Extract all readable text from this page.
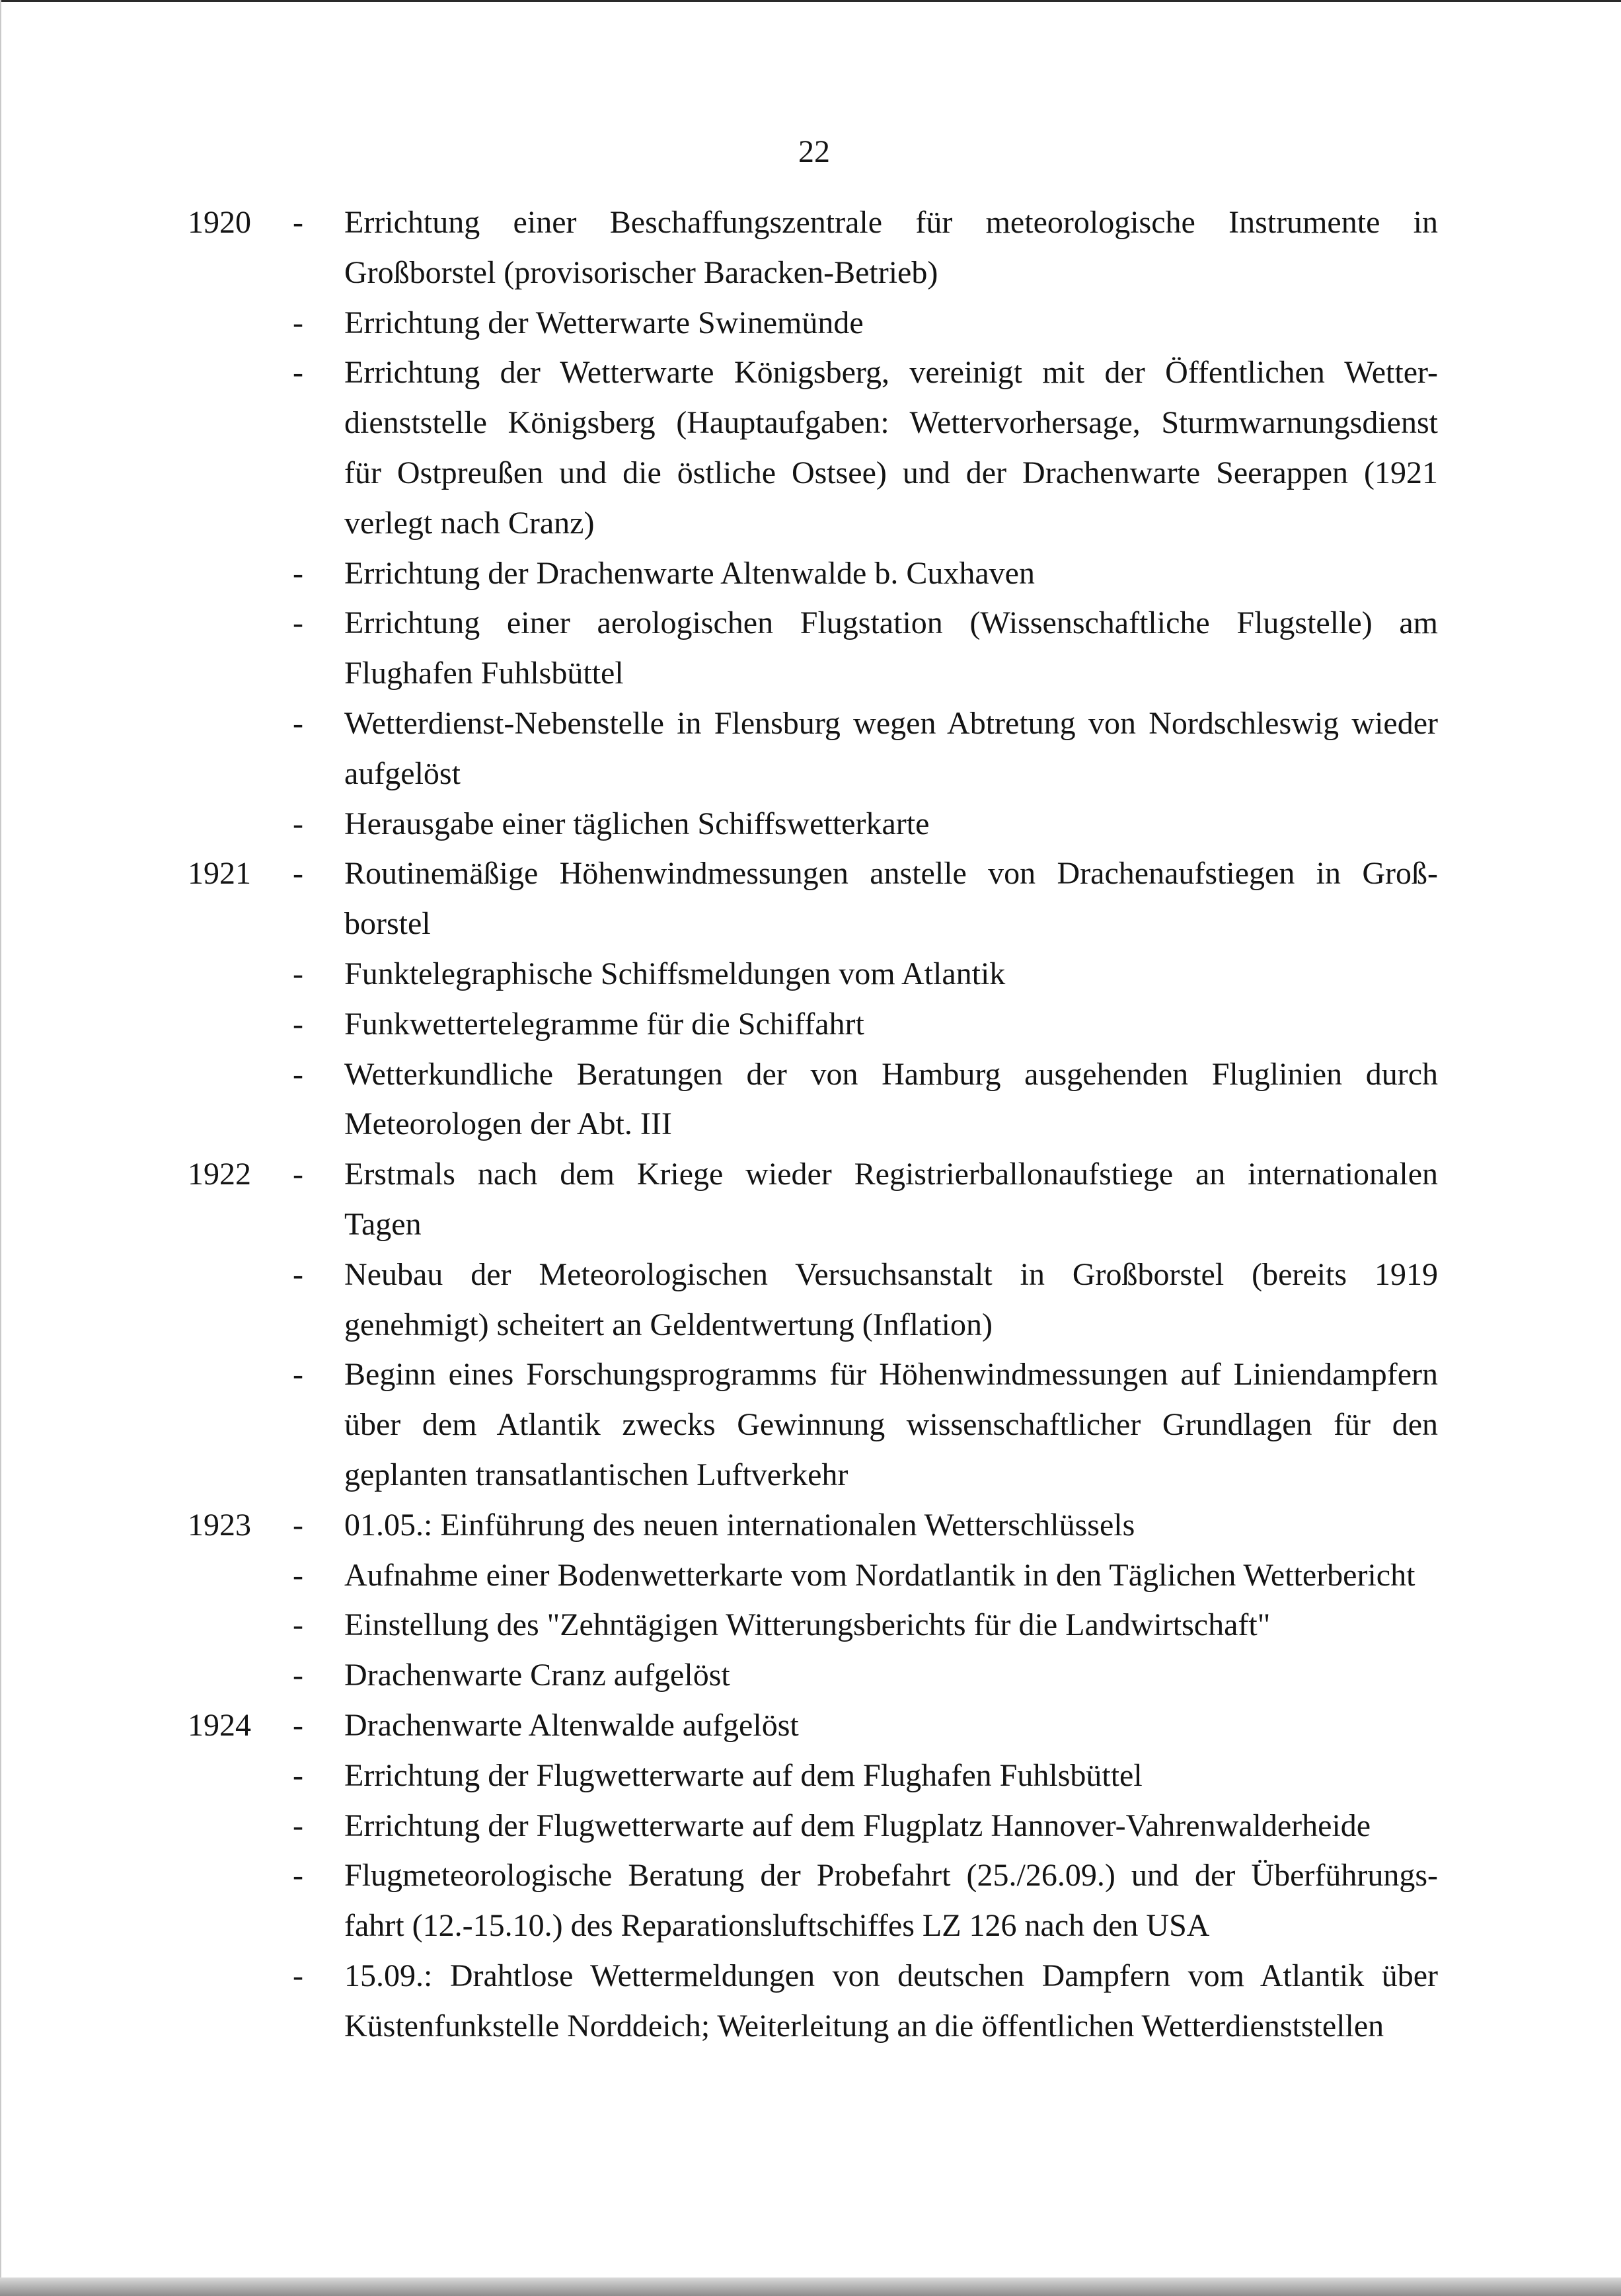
22
1920 - Errichtung einer Beschaffungszentrale für meteorologische Instrumente in
Großborstel (provisorischer Baracken-Betrieb)
- Errichtung der Wetterwarte Swinemünde
- Errichtung der Wetterwarte Königsberg, vereinigt mit der Öffentlichen Wetter-
dienststelle Königsberg (Hauptaufgaben: Wettervorhersage, Sturmwarnungsdienst
für Ostpreußen und die östliche Ostsee) und der Drachenwarte Seerappen (1921
verlegt nach Cranz)
- Errichtung der Drachenwarte Altenwalde b. Cuxhaven
- Errichtung einer aerologischen Flugstation (Wissenschaftliche Flugstelle) am
Flughafen Fuhlsbüttel
- Wetterdienst-Nebenstelle in Flensburg wegen Abtretung von Nordschleswig wieder
aufgelöst
- Herausgabe einer täglichen Schiffswetterkarte
1921 - Routinemäßige Höhenwindmessungen anstelle von Drachenaufstiegen in Groß-
borstel
- Funktelegraphische Schiffsmeldungen vom Atlantik
- Funkwettertelegramme für die Schiffahrt
- Wetterkundliche Beratungen der von Hamburg ausgehenden Fluglinien durch
Meteorologen der Abt. III
1922 - Erstmals nach dem Kriege wieder Registrierballonaufstiege an internationalen
Tagen
- Neubau der Meteorologischen Versuchsanstalt in Großborstel (bereits 1919
genehmigt) scheitert an Geldentwertung (Inflation)
- Beginn eines Forschungsprogramms für Höhenwindmessungen auf Liniendampfern
über dem Atlantik zwecks Gewinnung wissenschaftlicher Grundlagen für den
geplanten transatlantischen Luftverkehr
1923 - 01.05.: Einführung des neuen internationalen Wetterschlüssels
- Aufnahme einer Bodenwetterkarte vom Nordatlantik in den Täglichen Wetterbericht
- Einstellung des "Zehntägigen Witterungsberichts für die Landwirtschaft"
- Drachenwarte Cranz aufgelöst
1924 - Drachenwarte Altenwalde aufgelöst
- Errichtung der Flugwetterwarte auf dem Flughafen Fuhlsbüttel
- Errichtung der Flugwetterwarte auf dem Flugplatz Hannover-Vahrenwalderheide
- Flugmeteorologische Beratung der Probefahrt (25./26.09.) und der Überführungs-
fahrt (12.-15.10.) des Reparationsluftschiffes LZ 126 nach den USA
- 15.09.: Drahtlose Wettermeldungen von deutschen Dampfern vom Atlantik über
Küstenfunkstelle Norddeich; Weiterleitung an die öffentlichen Wetterdienststellen
